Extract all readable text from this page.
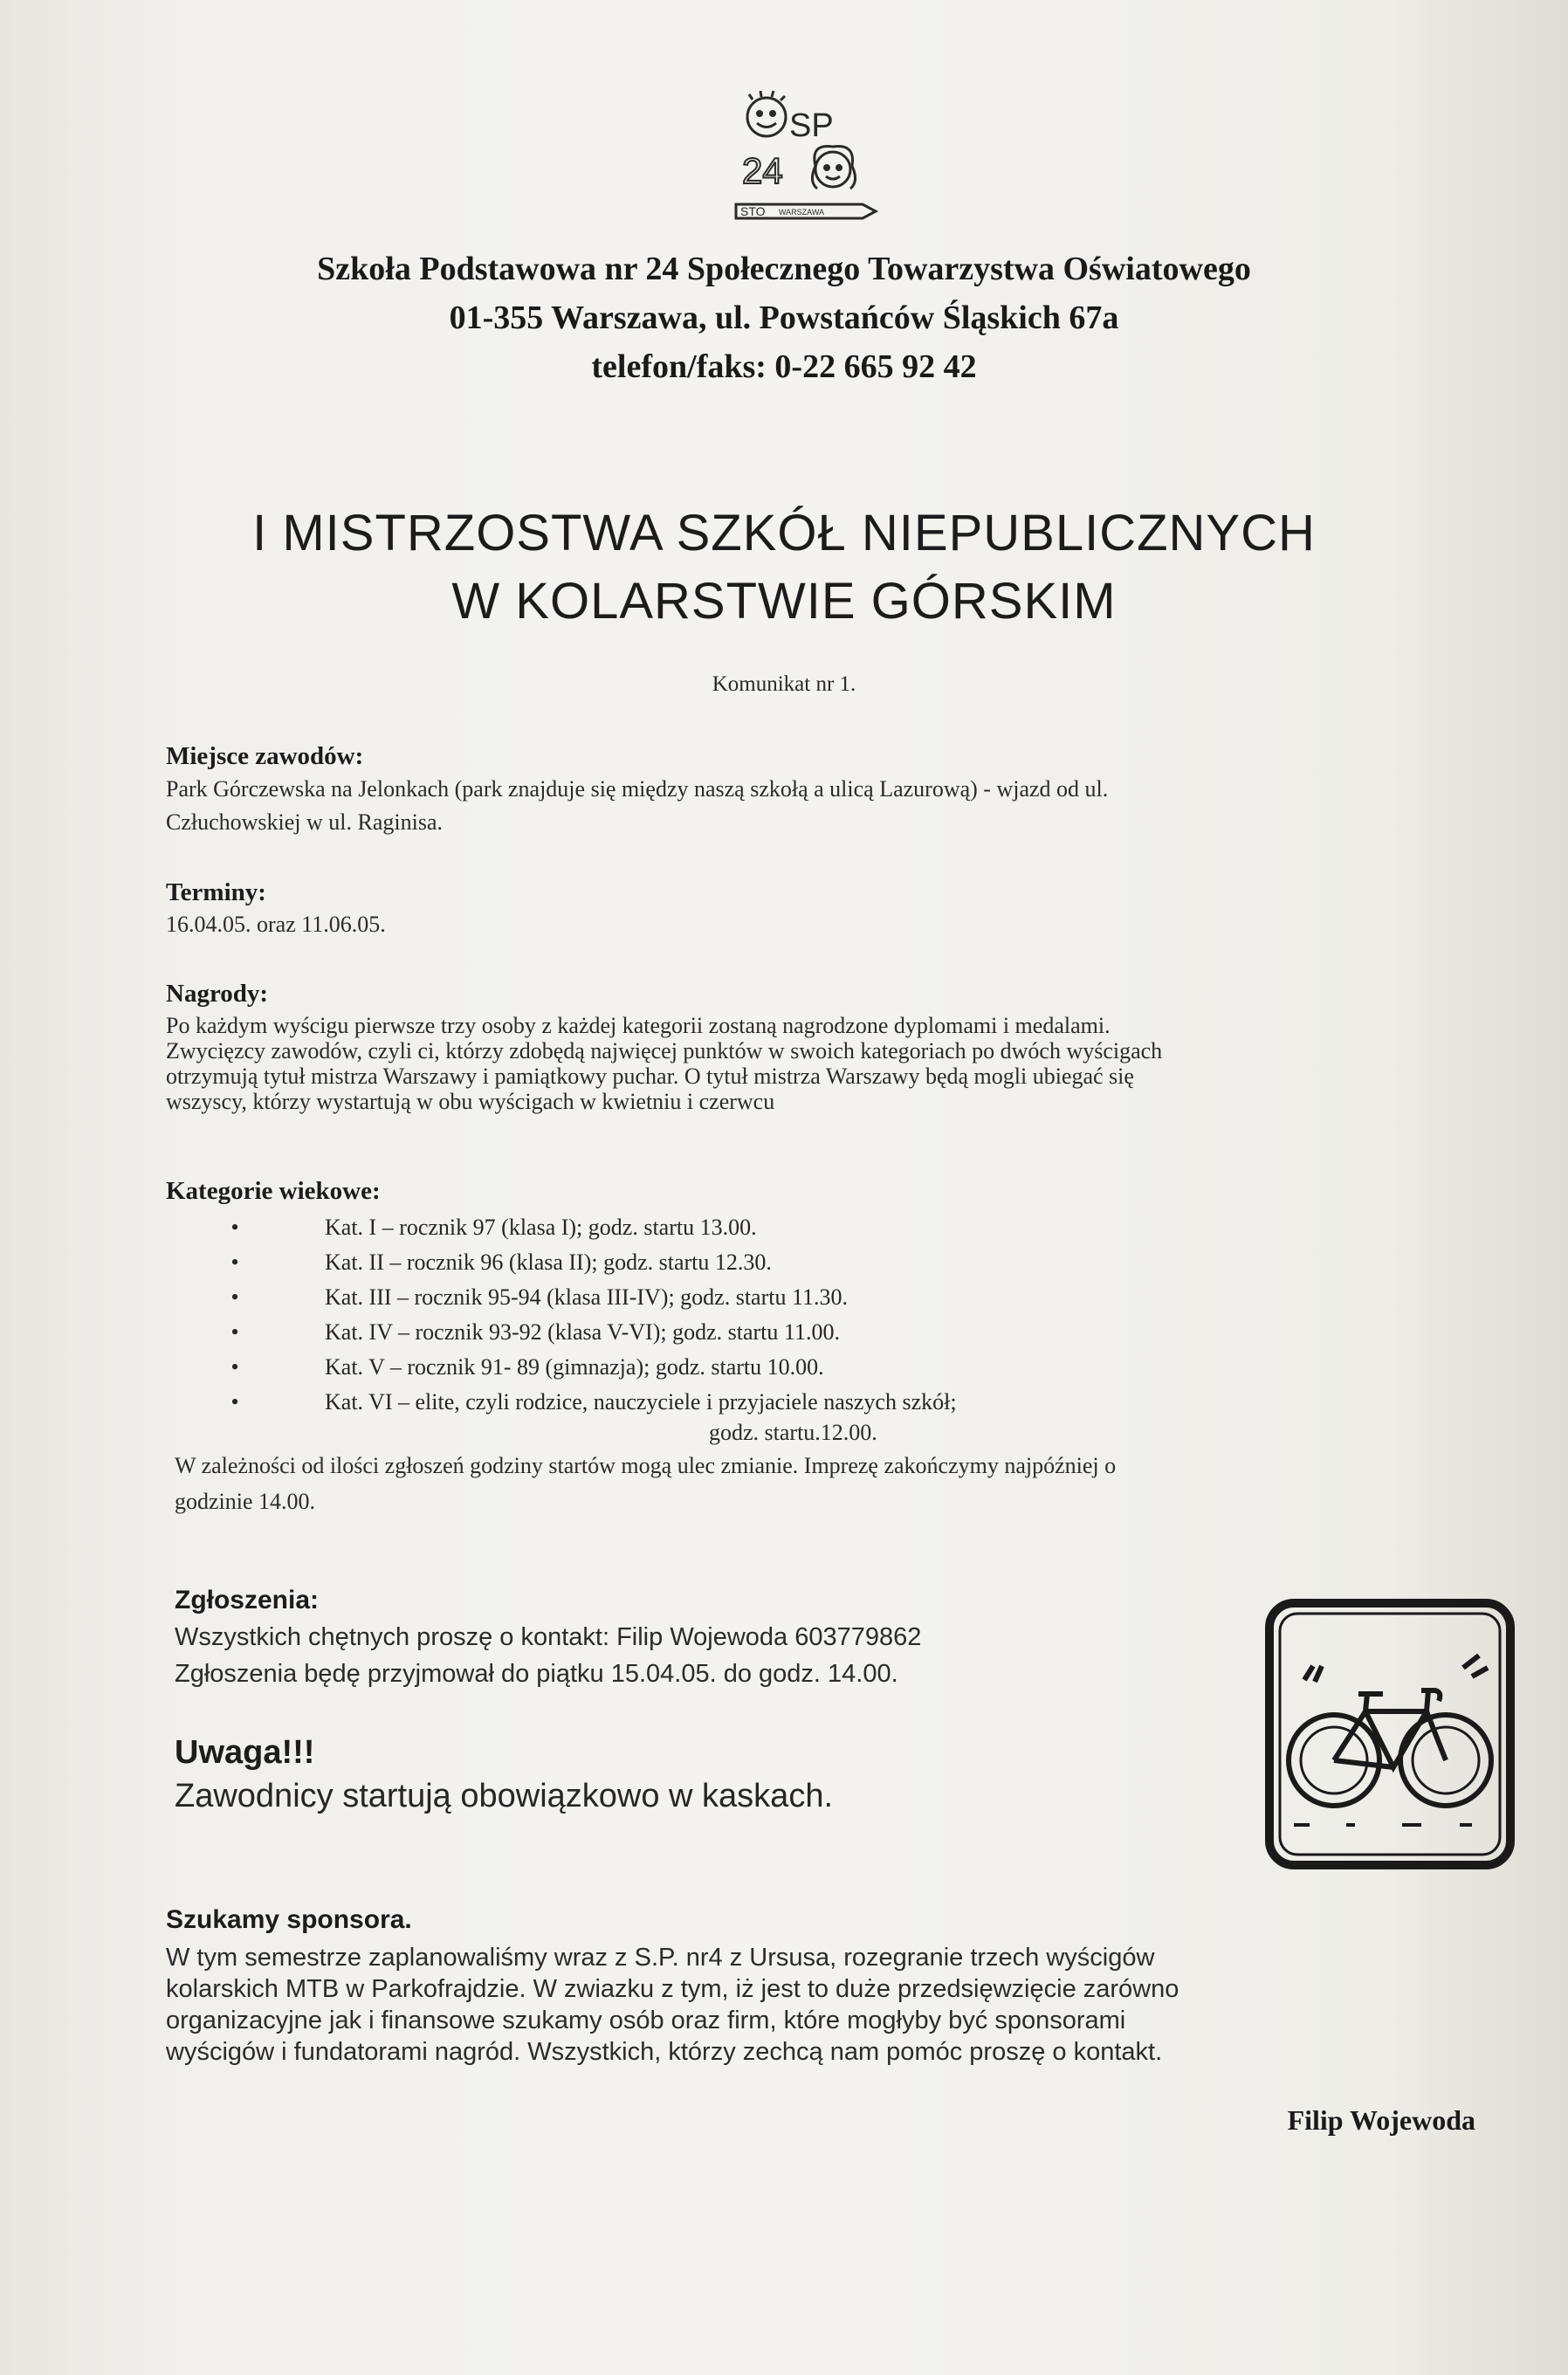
SP
24
STO WARSZAWA
Szkoła Podstawowa nr 24 Społecznego Towarzystwa Oświatowego
01-355 Warszawa, ul. Powstańców Śląskich 67a
telefon/faks: 0-22 665 92 42
I MISTRZOSTWA SZKÓŁ NIEPUBLICZNYCH
W KOLARSTWIE GÓRSKIM
Komunikat nr 1.
Miejsce zawodów:
Park Górczewska na Jelonkach (park znajduje się między naszą szkołą a ulicą Lazurową) - wjazd od ul.
Człuchowskiej w ul. Raginisa.
Terminy:
16.04.05. oraz 11.06.05.
Nagrody:
Po każdym wyścigu pierwsze trzy osoby z każdej kategorii zostaną nagrodzone dyplomami i medalami.
Zwycięzcy zawodów, czyli ci, którzy zdobędą najwięcej punktów w swoich kategoriach po dwóch wyścigach
otrzymują tytuł mistrza Warszawy i pamiątkowy puchar. O tytuł mistrza Warszawy będą mogli ubiegać się
wszyscy, którzy wystartują w obu wyścigach w kwietniu i czerwcu
Kategorie wiekowe:
•	Kat. I – rocznik 97 (klasa I); godz. startu 13.00.
•	Kat. II – rocznik 96 (klasa II); godz. startu 12.30.
•	Kat. III – rocznik 95-94 (klasa III-IV); godz. startu 11.30.
•	Kat. IV – rocznik 93-92 (klasa V-VI); godz. startu 11.00.
•	Kat. V – rocznik 91- 89 (gimnazja); godz. startu 10.00.
•	Kat. VI – elite, czyli rodzice, nauczyciele i przyjaciele naszych szkół;
godz. startu.12.00.
W zależności od ilości zgłoszeń godziny startów mogą ulec zmianie. Imprezę zakończymy najpóźniej o
godzinie 14.00.
Zgłoszenia:
Wszystkich chętnych proszę o kontakt: Filip Wojewoda 603779862
Zgłoszenia będę przyjmował do piątku 15.04.05. do godz. 14.00.
Uwaga!!!
Zawodnicy startują obowiązkowo w kaskach.
Szukamy sponsora.
W tym semestrze zaplanowaliśmy wraz z S.P. nr4 z Ursusa, rozegranie trzech wyścigów
kolarskich MTB w Parkofrajdzie. W zwiazku z tym, iż jest to duże przedsięwzięcie zarówno
organizacyjne jak i finansowe szukamy osób oraz firm, które mogłyby być sponsorami
wyścigów i fundatorami nagród. Wszystkich, którzy zechcą nam pomóc proszę o kontakt.
Filip Wojewoda
